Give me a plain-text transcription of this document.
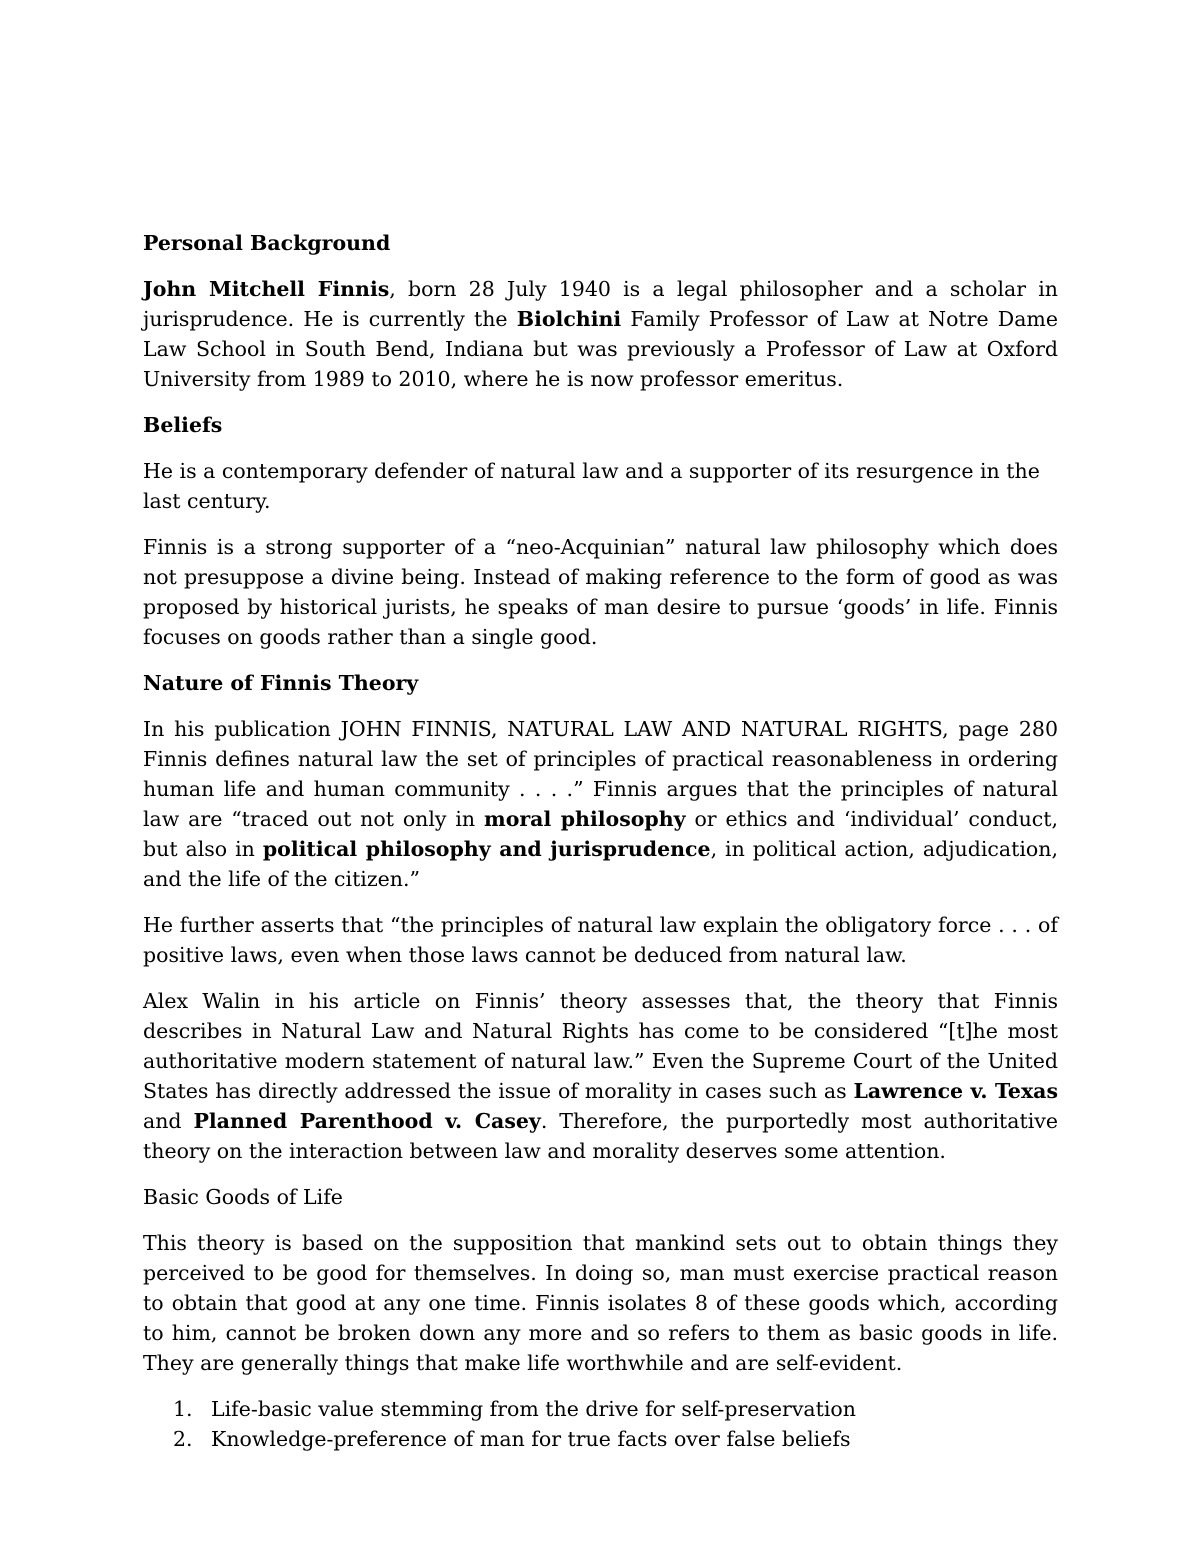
Personal Background

John Mitchell Finnis, born 28 July 1940 is a legal philosopher and a scholar in jurisprudence. He is currently the Biolchini Family Professor of Law at Notre Dame Law School in South Bend, Indiana but was previously a Professor of Law at Oxford University from 1989 to 2010, where he is now professor emeritus.

Beliefs

He is a contemporary defender of natural law and a supporter of its resurgence in the last century.

Finnis is a strong supporter of a “neo-Acquinian” natural law philosophy which does not presuppose a divine being. Instead of making reference to the form of good as was proposed by historical jurists, he speaks of man desire to pursue ‘goods’ in life. Finnis focuses on goods rather than a single good.

Nature of Finnis Theory

In his publication JOHN FINNIS, NATURAL LAW AND NATURAL RIGHTS, page 280 Finnis defines natural law the set of principles of practical reasonableness in ordering human life and human community . . . .” Finnis argues that the principles of natural law are “traced out not only in moral philosophy or ethics and ‘individual’ conduct, but also in political philosophy and jurisprudence, in political action, adjudication, and the life of the citizen.”

He further asserts that “the principles of natural law explain the obligatory force . . . of positive laws, even when those laws cannot be deduced from natural law.

Alex Walin in his article on Finnis’ theory assesses that, the theory that Finnis describes in Natural Law and Natural Rights has come to be considered “[t]he most authoritative modern statement of natural law.” Even the Supreme Court of the United States has directly addressed the issue of morality in cases such as Lawrence v. Texas and Planned Parenthood v. Casey. Therefore, the purportedly most authoritative theory on the interaction between law and morality deserves some attention.

Basic Goods of Life

This theory is based on the supposition that mankind sets out to obtain things they perceived to be good for themselves. In doing so, man must exercise practical reason to obtain that good at any one time. Finnis isolates 8 of these goods which, according to him, cannot be broken down any more and so refers to them as basic goods in life. They are generally things that make life worthwhile and are self-evident.

1. Life-basic value stemming from the drive for self-preservation
2. Knowledge-preference of man for true facts over false beliefs
